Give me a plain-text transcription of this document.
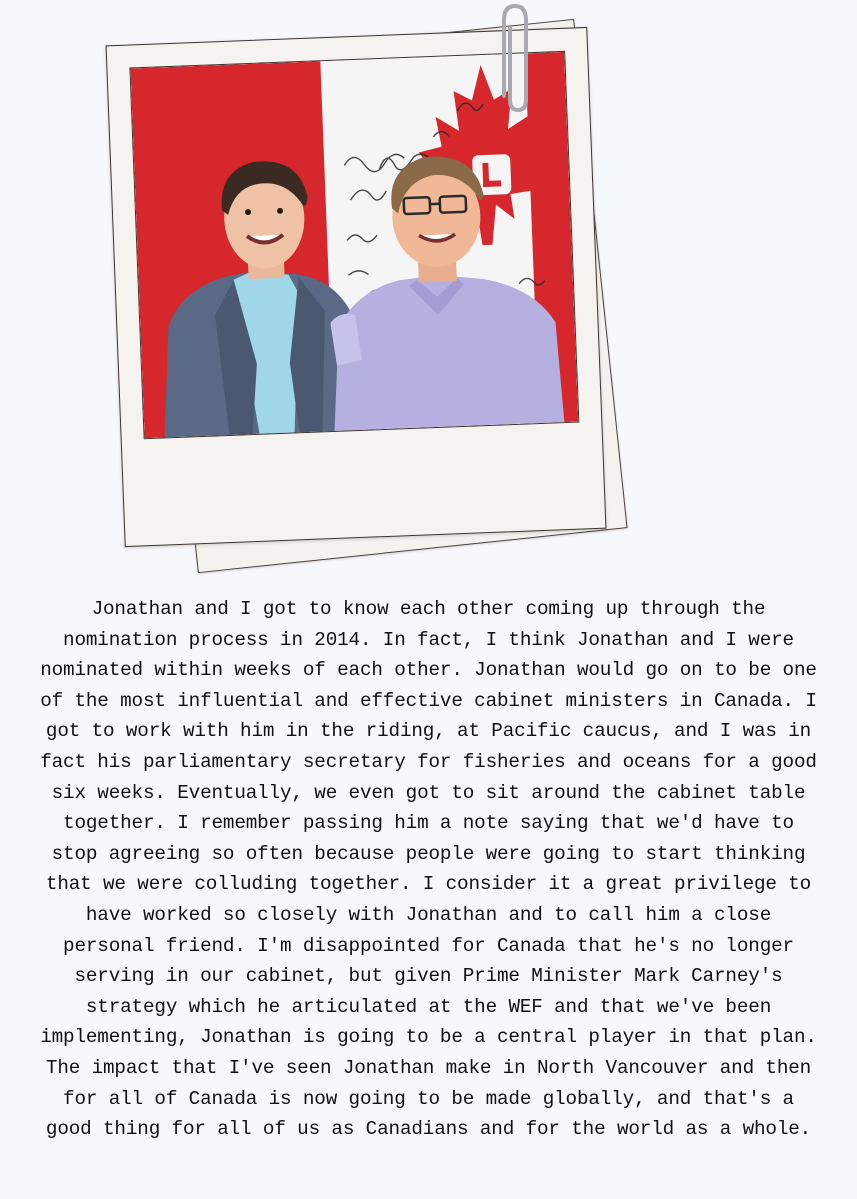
Jonathan and I got to know each other coming up through the nomination process in 2014. In fact, I think Jonathan and I were nominated within weeks of each other. Jonathan would go on to be one of the most influential and effective cabinet ministers in Canada. I got to work with him in the riding, at Pacific caucus, and I was in fact his parliamentary secretary for fisheries and oceans for a good six weeks. Eventually, we even got to sit around the cabinet table together. I remember passing him a note saying that we'd have to stop agreeing so often because people were going to start thinking that we were colluding together. I consider it a great privilege to have worked so closely with Jonathan and to call him a close personal friend. I'm disappointed for Canada that he's no longer serving in our cabinet, but given Prime Minister Mark Carney's strategy which he articulated at the WEF and that we've been implementing, Jonathan is going to be a central player in that plan. The impact that I've seen Jonathan make in North Vancouver and then for all of Canada is now going to be made globally, and that's a good thing for all of us as Canadians and for the world as a whole.
